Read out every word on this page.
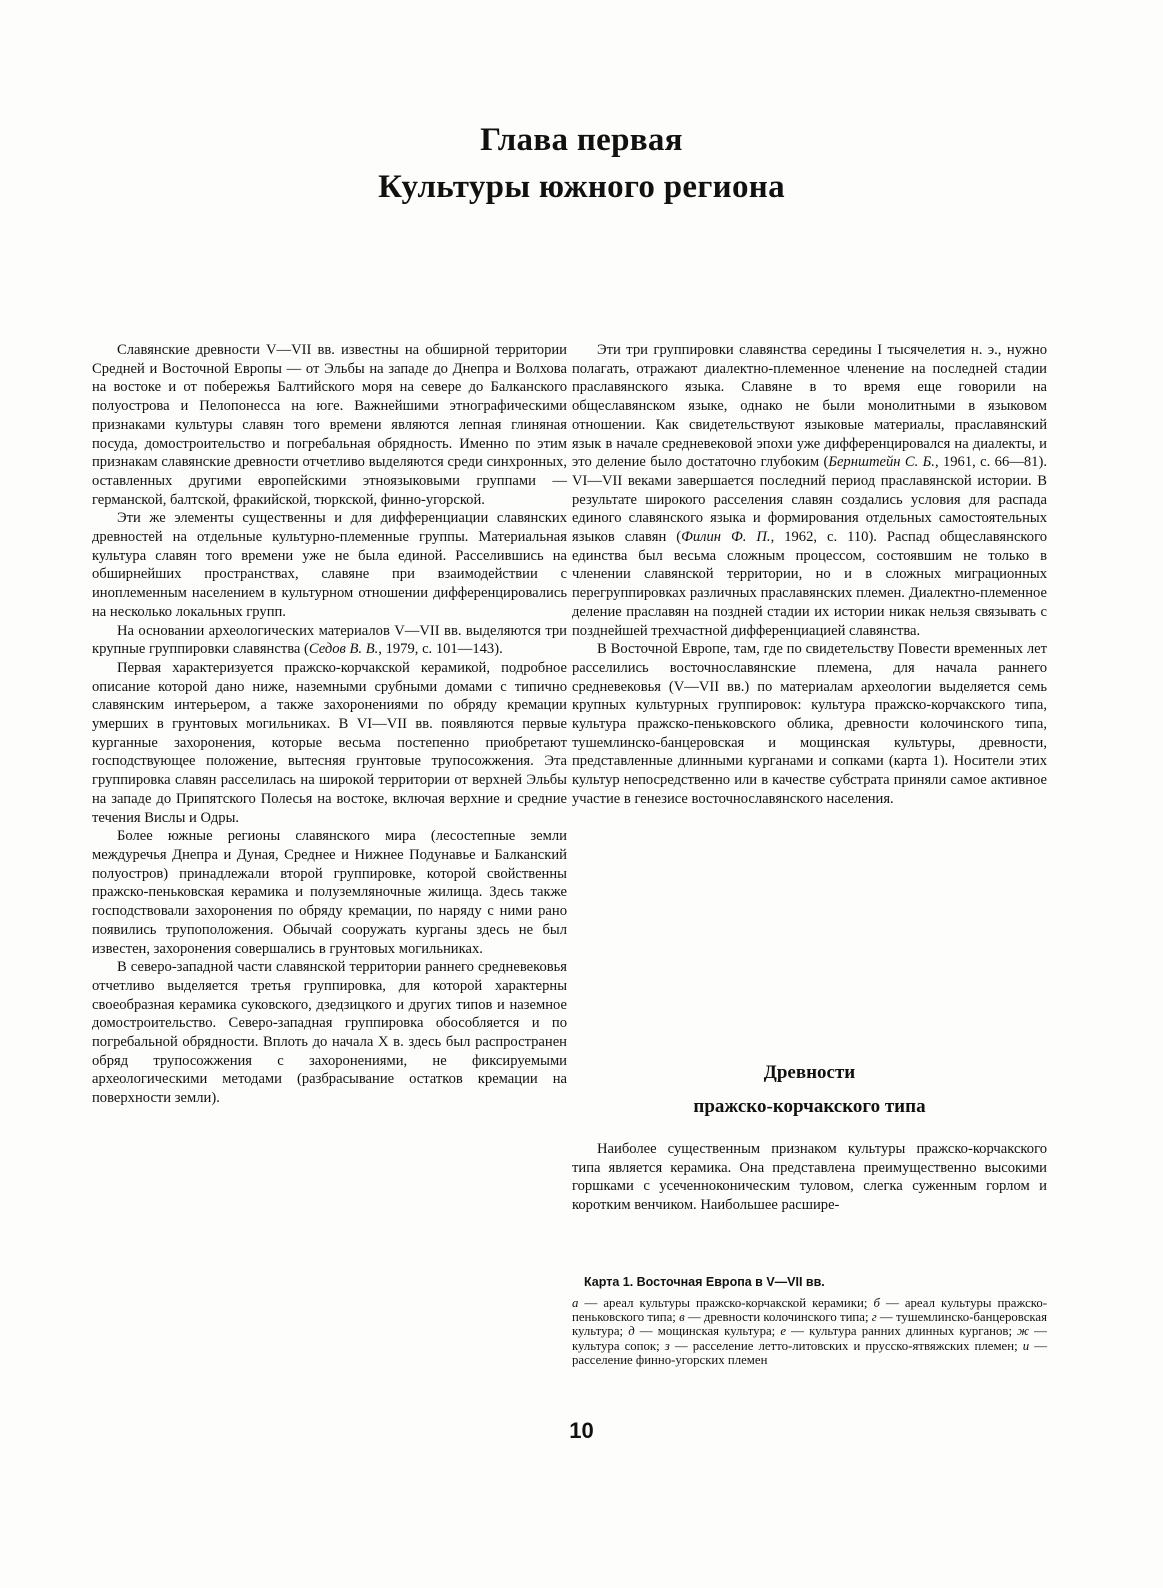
Глава первая
Культуры южного региона

Славянские древности V—VII вв. известны на обширной территории Средней и Восточной Европы — от Эльбы на западе до Днепра и Волхова на востоке и от побережья Балтийского моря на севере до Балканского полуострова и Пелопонесса на юге. Важнейшими этнографическими признаками культуры славян того времени являются лепная глиняная посуда, домостроительство и погребальная обрядность. Именно по этим признакам славянские древности отчетливо выделяются среди синхронных, оставленных другими европейскими этноязыковыми группами — германской, балтской, фракийской, тюркской, финно-угорской.

Эти же элементы существенны и для дифференциации славянских древностей на отдельные культурно-племенные группы. Материальная культура славян того времени уже не была единой. Расселившись на обширнейших пространствах, славяне при взаимодействии с иноплеменным населением в культурном отношении дифференцировались на несколько локальных групп.

На основании археологических материалов V—VII вв. выделяются три крупные группировки славянства (Седов В. В., 1979, с. 101—143).

Первая характеризуется пражско-корчакской керамикой, подробное описание которой дано ниже, наземными срубными домами с типично славянским интерьером, а также захоронениями по обряду кремации умерших в грунтовых могильниках. В VI—VII вв. появляются первые курганные захоронения, которые весьма постепенно приобретают господствующее положение, вытесняя грунтовые трупосожжения. Эта группировка славян расселилась на широкой территории от верхней Эльбы на западе до Припятского Полесья на востоке, включая верхние и средние течения Вислы и Одры.

Более южные регионы славянского мира (лесостепные земли междуречья Днепра и Дуная, Среднее и Нижнее Подунавье и Балканский полуостров) принадлежали второй группировке, которой свойственны пражско-пеньковская керамика и полуземляночные жилища. Здесь также господствовали захоронения по обряду кремации, по наряду с ними рано появились трупоположения. Обычай сооружать курганы здесь не был известен, захоронения совершались в грунтовых могильниках.

В северо-западной части славянской территории раннего средневековья отчетливо выделяется третья группировка, для которой характерны своеобразная керамика суковского, дзедзицкого и других типов и наземное домостроительство. Северо-западная группировка обособляется и по погребальной обрядности. Вплоть до начала X в. здесь был распространен обряд трупосожжения с захоронениями, не фиксируемыми археологическими методами (разбрасывание остатков кремации на поверхности земли).

Эти три группировки славянства середины I тысячелетия н. э., нужно полагать, отражают диалектно-племенное членение на последней стадии праславянского языка. Славяне в то время еще говорили на общеславянском языке, однако не были монолитными в языковом отношении. Как свидетельствуют языковые материалы, праславянский язык в начале средневековой эпохи уже дифференцировался на диалекты, и это деление было достаточно глубоким (Бернштейн С. Б., 1961, с. 66—81). VI—VII веками завершается последний период праславянской истории. В результате широкого расселения славян создались условия для распада единого славянского языка и формирования отдельных самостоятельных языков славян (Филин Ф. П., 1962, с. 110). Распад общеславянского единства был весьма сложным процессом, состоявшим не только в членении славянской территории, но и в сложных миграционных перегруппировках различных праславянских племен. Диалектно-племенное деление праславян на поздней стадии их истории никак нельзя связывать с позднейшей трехчастной дифференциацией славянства.

В Восточной Европе, там, где по свидетельству Повести временных лет расселились восточнославянские племена, для начала раннего средневековья (V—VII вв.) по материалам археологии выделяется семь крупных культурных группировок: культура пражско-корчакского типа, культура пражско-пеньковского облика, древности колочинского типа, тушемлинско-банцеровская и мощинская культуры, древности, представленные длинными курганами и сопками (карта 1). Носители этих культур непосредственно или в качестве субстрата приняли самое активное участие в генезисе восточнославянского населения.

Древности
пражско-корчакского типа

Наиболее существенным признаком культуры пражско-корчакского типа является керамика. Она представлена преимущественно высокими горшками с усеченноконическим туловом, слегка суженным горлом и коротким венчиком. Наибольшее расшире-

Карта 1. Восточная Европа в V—VII вв.

а — ареал культуры пражско-корчакской керамики; б — ареал культуры пражско-пеньковского типа; в — древности колочинского типа; г — тушемлинско-банцеровская культура; д — мощинская культура; е — культура ранних длинных курганов; ж — культура сопок; з — расселение летто-литовских и прусско-ятвяжских племен; и — расселение финно-угорских племен

10
